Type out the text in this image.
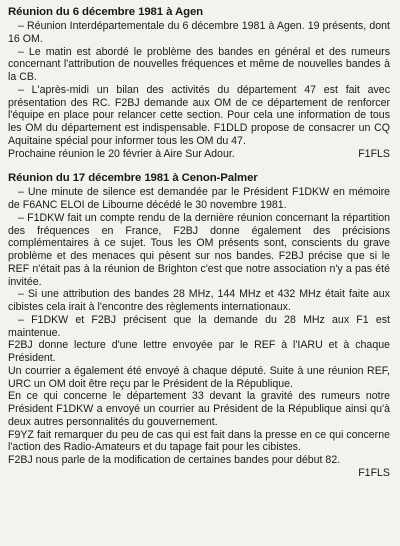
Réunion du 6 décembre 1981 à Agen

– Réunion Interdépartementale du 6 décembre 1981 à Agen. 19 présents, dont 16 OM.

– Le matin est abordé le problème des bandes en général et des rumeurs concernant l'attribution de nouvelles fréquences et même de nouvelles bandes à la CB.

– L'après-midi un bilan des activités du département 47 est fait avec présentation des RC. F2BJ demande aux OM de ce département de renforcer l'équipe en place pour relancer cette section. Pour cela une information de tous les OM du département est indispensable. F1DLD propose de consacrer un CQ Aquitaine spécial pour informer tous les OM du 47.

Prochaine réunion le 20 février à Aire Sur Adour.	F1FLS

Réunion du 17 décembre 1981 à Cenon-Palmer

– Une minute de silence est demandée par le Président F1DKW en mémoire de F6ANC ELOI de Libourne décédé le 30 novembre 1981.

– F1DKW fait un compte rendu de la dernière réunion concernant la répartition des fréquences en France, F2BJ donne également des précisions complémentaires à ce sujet. Tous les OM présents sont, conscients du grave problème et des menaces qui pèsent sur nos bandes. F2BJ précise que si le REF n'était pas à la réunion de Brighton c'est que notre association n'y a pas été invitée.

– Si une attribution des bandes 28 MHz, 144 MHz et 432 MHz était faite aux cibistes cela irait à l'encontre des règlements internationaux.

– F1DKW et F2BJ précisent que la demande du 28 MHz aux F1 est maintenue.

F2BJ donne lecture d'une lettre envoyée par le REF à l'IARU et à chaque Président.

Un courrier a également été envoyé à chaque député. Suite à une réunion REF, URC un OM doit être reçu par le Président de la République.

En ce qui concerne le département 33 devant la gravité des rumeurs notre Président F1DKW a envoyé un courrier au Président de la République ainsi qu'à deux autres personnalités du gouvernement.

F9YZ fait remarquer du peu de cas qui est fait dans la presse en ce qui concerne l'action des Radio-Amateurs et du tapage fait pour les cibistes.

F2BJ nous parle de la modification de certaines bandes pour début 82.

F1FLS
